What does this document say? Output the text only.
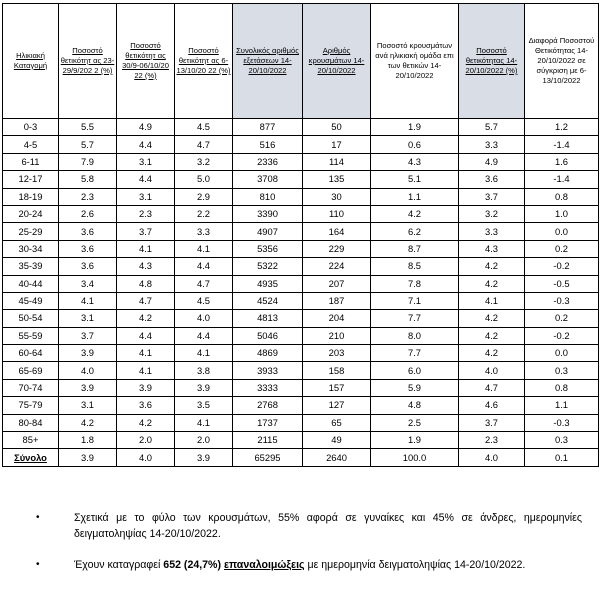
Ηλικιακή Καταγομή	Ποσοστό θετικότητ ας 23-29/9/202 2 (%)	Ποσοστό θετικότητ ας 30/9-06/10/20 22 (%)	Ποσοστό θετικότητ ας 6-13/10/20 22 (%)	Συνολικός αριθμός εξετάσεων 14-20/10/2022	Αριθμός κρουσμάτων 14-20/10/2022	Ποσοστό κρουσμάτων ανά ηλικιακή ομάδα επι των θετικών 14-20/10/2022	Ποσοστό θετικότητας 14-20/10/2022 (%)	Διαφορά Ποσοστού Θετικότητας 14-20/10/2022 σε σύγκριση με 6-13/10/2022
0-3	5.5	4.9	4.5	877	50	1.9	5.7	1.2
4-5	5.7	4.4	4.7	516	17	0.6	3.3	-1.4
6-11	7.9	3.1	3.2	2336	114	4.3	4.9	1.6
12-17	5.8	4.4	5.0	3708	135	5.1	3.6	-1.4
18-19	2.3	3.1	2.9	810	30	1.1	3.7	0.8
20-24	2.6	2.3	2.2	3390	110	4.2	3.2	1.0
25-29	3.6	3.7	3.3	4907	164	6.2	3.3	0.0
30-34	3.6	4.1	4.1	5356	229	8.7	4.3	0.2
35-39	3.6	4.3	4.4	5322	224	8.5	4.2	-0.2
40-44	3.4	4.8	4.7	4935	207	7.8	4.2	-0.5
45-49	4.1	4.7	4.5	4524	187	7.1	4.1	-0.3
50-54	3.1	4.2	4.0	4813	204	7.7	4.2	0.2
55-59	3.7	4.4	4.4	5046	210	8.0	4.2	-0.2
60-64	3.9	4.1	4.1	4869	203	7.7	4.2	0.0
65-69	4.0	4.1	3.8	3933	158	6.0	4.0	0.3
70-74	3.9	3.9	3.9	3333	157	5.9	4.7	0.8
75-79	3.1	3.6	3.5	2768	127	4.8	4.6	1.1
80-84	4.2	4.2	4.1	1737	65	2.5	3.7	-0.3
85+	1.8	2.0	2.0	2115	49	1.9	2.3	0.3
Σύνολο	3.9	4.0	3.9	65295	2640	100.0	4.0	0.1
•	Σχετικά με το φύλο των κρουσμάτων, 55% αφορά σε γυναίκες και 45% σε άνδρες, ημερομηνίες δειγματοληψίας 14-20/10/2022.
•	Έχουν καταγραφεί 652 (24,7%) επαναλοιμώξεις με ημερομηνία δειγματοληψίας 14-20/10/2022.
